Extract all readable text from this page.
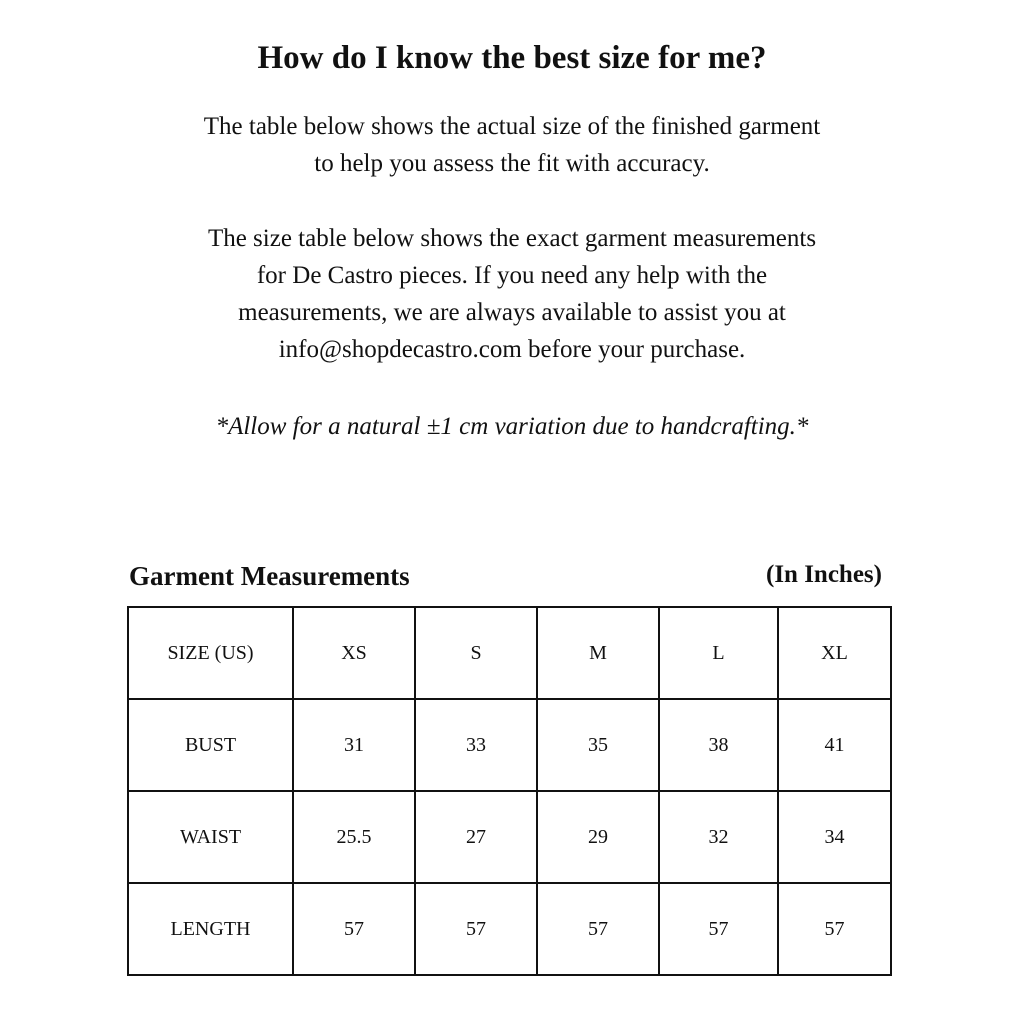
How do I know the best size for me?

The table below shows the actual size of the finished garment
to help you assess the fit with accuracy.

The size table below shows the exact garment measurements
for De Castro pieces. If you need any help with the
measurements, we are always available to assist you at
info@shopdecastro.com before your purchase.

*Allow for a natural ±1 cm variation due to handcrafting.*
Garment Measurements	(In Inches)
SIZE (US)	XS	S	M	L	XL
BUST	31	33	35	38	41
WAIST	25.5	27	29	32	34
LENGTH	57	57	57	57	57
